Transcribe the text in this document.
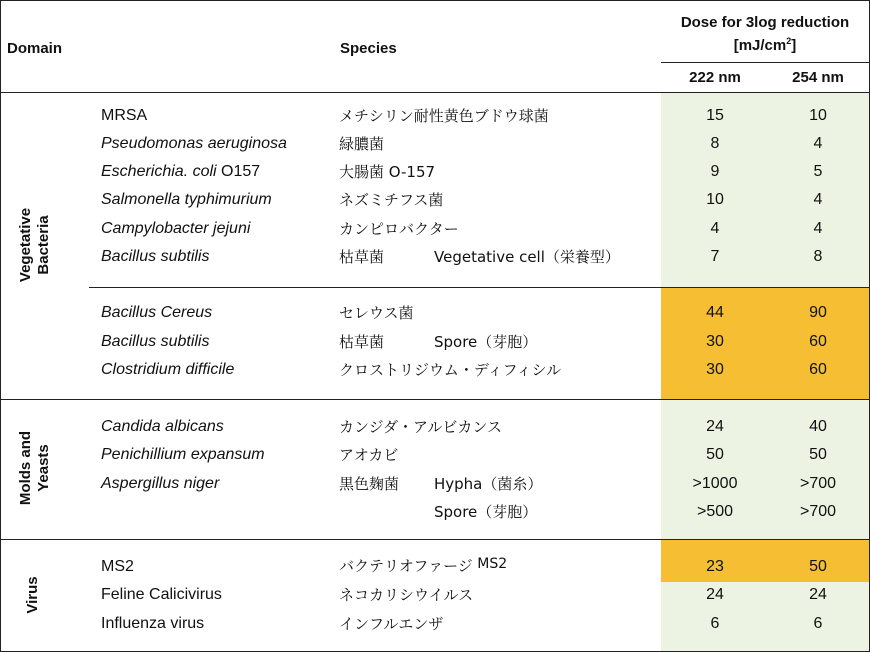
Domain	Species
Dose for 3log reduction
$[mJ/cm^2]$
222 nm	254 nm
Vegetative
Bacteria
Molds and
Yeasts
Virus
MRSA	メチシリン耐性黄色ブドウ球菌	15	10
Pseudomonas aeruginosa	緑膿菌	8	4
Escherichia. coli O157	大腸菌 O-157	9	5
Salmonella typhimurium	ネズミチフス菌	10	4
Campylobacter jejuni	カンピロバクター	4	4
Bacillus subtilis	枯草菌	Vegetative cell（栄養型）	7	8
Bacillus Cereus	セレウス菌	44	90
Bacillus subtilis	枯草菌	Spore（芽胞）	30	60
Clostridium difficile	クロストリジウム・ディフィシル	30	60
Candida albicans	カンジダ・アルビカンス	24	40
Penichillium expansum	アオカビ	50	50
Aspergillus niger	黒色麹菌 Hypha（菌糸）	>1000	>700
Spore（芽胞）	>500	>700
MS2	バクテリオファージ MS2	23	50
Feline Calicivirus	ネコカリシウイルス	24	24
Influenza virus	インフルエンザ	6	6
